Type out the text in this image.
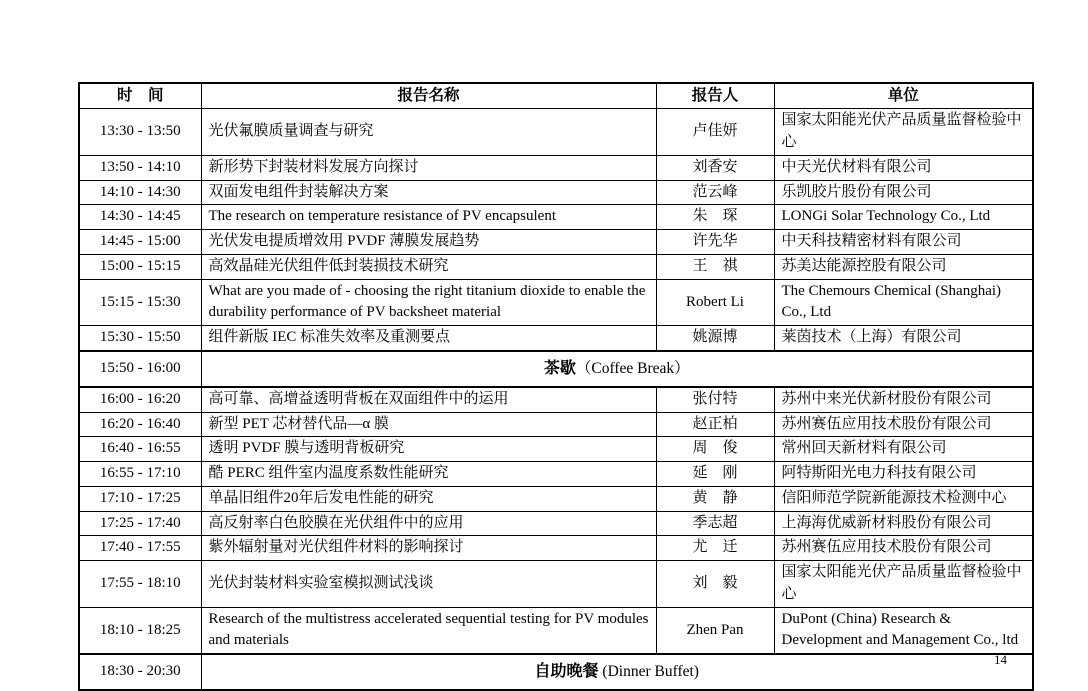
时　间	报告名称	报告人	单位
13:30 - 13:50	光伏氟膜质量调查与研究	卢佳妍	国家太阳能光伏产品质量监督检验中心
13:50 - 14:10	新形势下封装材料发展方向探讨	刘香安	中天光伏材料有限公司
14:10 - 14:30	双面发电组件封装解决方案	范云峰	乐凯胶片股份有限公司
14:30 - 14:45	The research on temperature resistance of PV encapsulent	朱　琛	LONGi Solar Technology Co., Ltd
14:45 - 15:00	光伏发电提质增效用 PVDF 薄膜发展趋势	许先华	中天科技精密材料有限公司
15:00 - 15:15	高效晶硅光伏组件低封装损技术研究	王　祺	苏美达能源控股有限公司
15:15 - 15:30	What are you made of - choosing the right titanium dioxide to enable the durability performance of PV backsheet material	Robert Li	The Chemours Chemical (Shanghai) Co., Ltd
15:30 - 15:50	组件新版 IEC 标准失效率及重测要点	姚源博	莱茵技术（上海）有限公司
15:50 - 16:00	茶歇（Coffee Break）		
16:00 - 16:20	高可靠、高增益透明背板在双面组件中的运用	张付特	苏州中来光伏新材股份有限公司
16:20 - 16:40	新型 PET 芯材替代品—α 膜	赵正柏	苏州赛伍应用技术股份有限公司
16:40 - 16:55	透明 PVDF 膜与透明背板研究	周　俊	常州回天新材料有限公司
16:55 - 17:10	酷 PERC 组件室内温度系数性能研究	延　刚	阿特斯阳光电力科技有限公司
17:10 - 17:25	单晶旧组件20年后发电性能的研究	黄　静	信阳师范学院新能源技术检测中心
17:25 - 17:40	高反射率白色胶膜在光伏组件中的应用	季志超	上海海优威新材料股份有限公司
17:40 - 17:55	紫外辐射量对光伏组件材料的影响探讨	尤　迁	苏州赛伍应用技术股份有限公司
17:55 - 18:10	光伏封装材料实验室模拟测试浅谈	刘　毅	国家太阳能光伏产品质量监督检验中心
18:10 - 18:25	Research of the multistress accelerated sequential testing for PV modules and materials	Zhen Pan	DuPont (China) Research & Development and Management Co., ltd
18:30 - 20:30	自助晚餐 (Dinner Buffet)		
14
